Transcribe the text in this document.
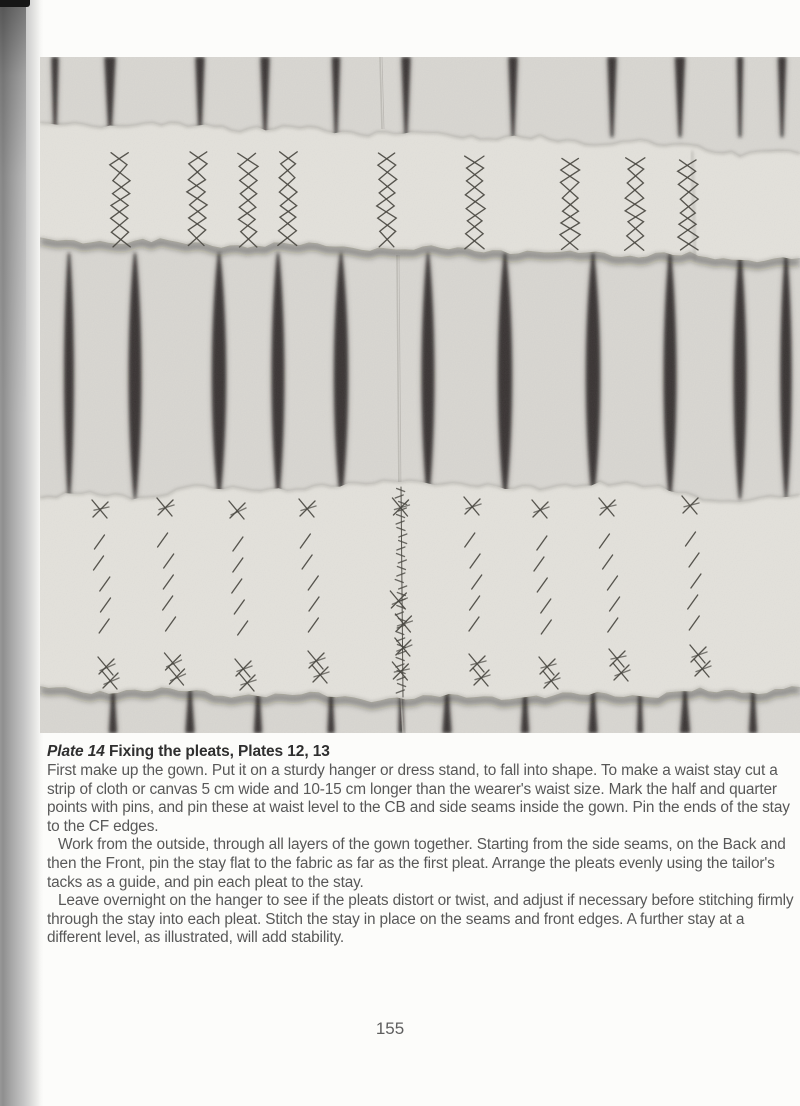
Plate 14 Fixing the pleats, Plates 12, 13

First make up the gown. Put it on a sturdy hanger or dress stand, to fall into shape. To make a waist stay cut a strip of cloth or canvas 5 cm wide and 10-15 cm longer than the wearer's waist size. Mark the half and quarter points with pins, and pin these at waist level to the CB and side seams inside the gown. Pin the ends of the stay to the CF edges.

Work from the outside, through all layers of the gown together. Starting from the side seams, on the Back and then the Front, pin the stay flat to the fabric as far as the first pleat. Arrange the pleats evenly using the tailor's tacks as a guide, and pin each pleat to the stay.

Leave overnight on the hanger to see if the pleats distort or twist, and adjust if necessary before stitching firmly through the stay into each pleat. Stitch the stay in place on the seams and front edges. A further stay at a different level, as illustrated, will add stability.

155
